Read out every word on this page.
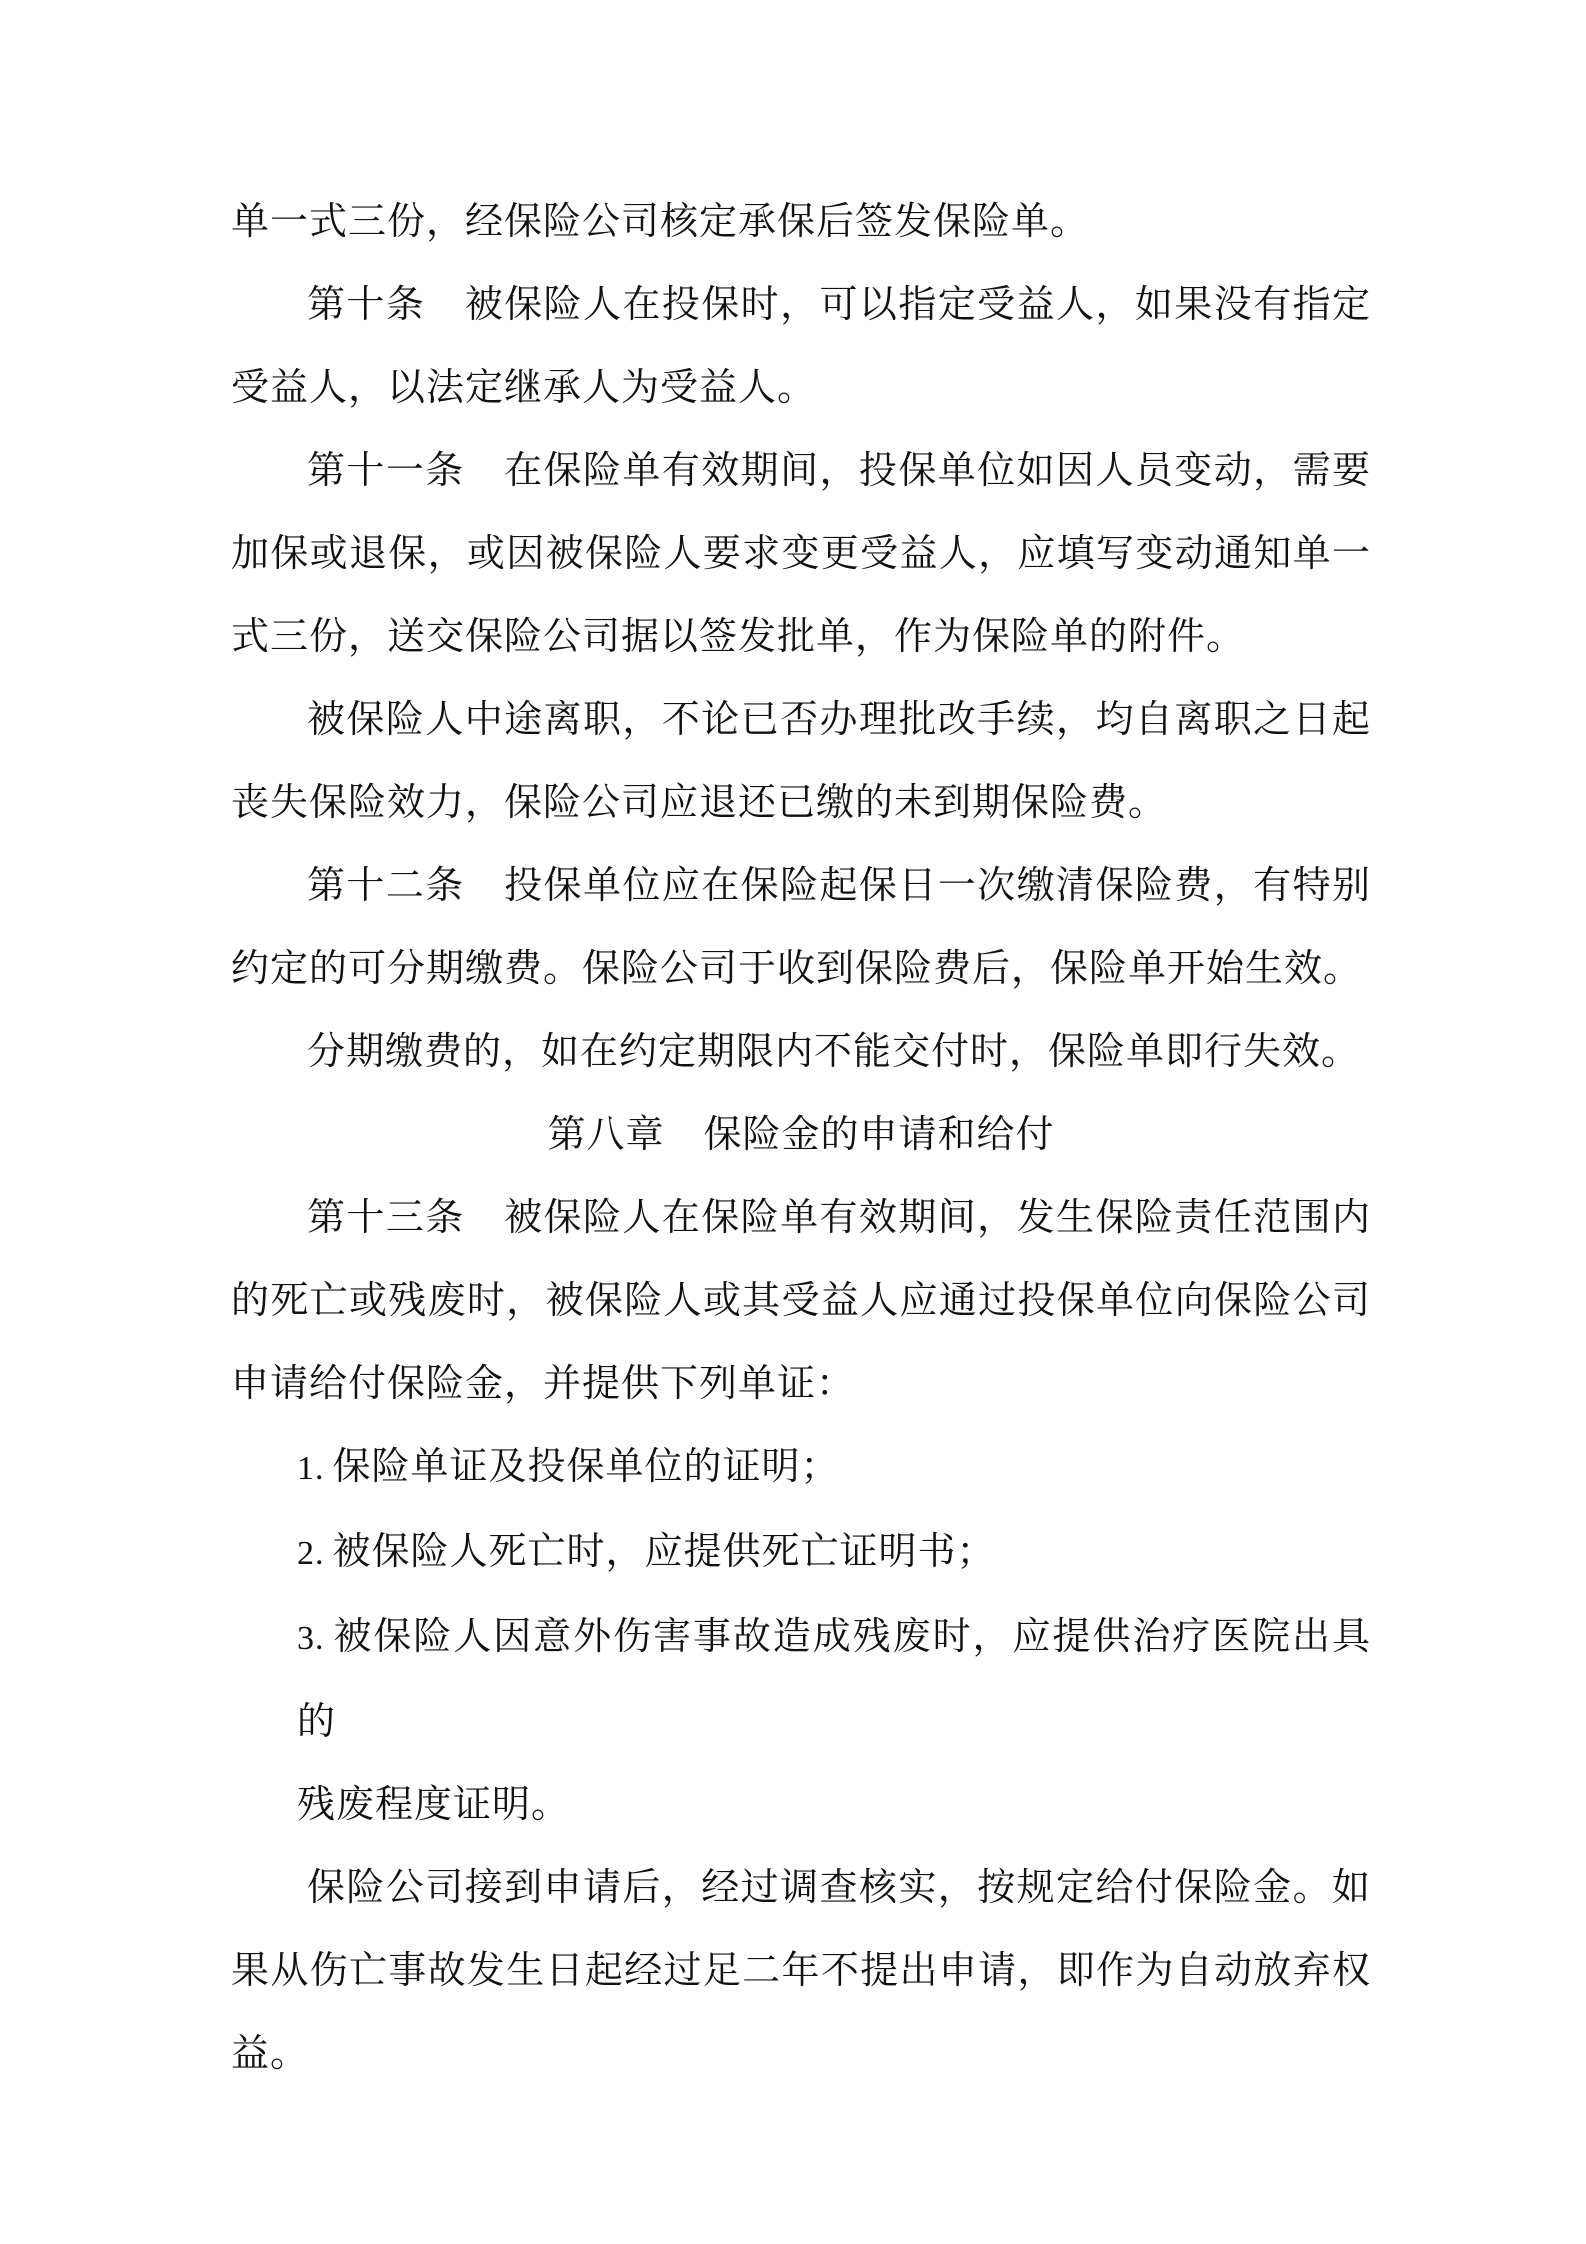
单一式三份，经保险公司核定承保后签发保险单。

第十条　被保险人在投保时，可以指定受益人，如果没有指定受益人，以法定继承人为受益人。

第十一条　在保险单有效期间，投保单位如因人员变动，需要加保或退保，或因被保险人要求变更受益人，应填写变动通知单一式三份，送交保险公司据以签发批单，作为保险单的附件。

被保险人中途离职，不论已否办理批改手续，均自离职之日起丧失保险效力，保险公司应退还已缴的未到期保险费。

第十二条　投保单位应在保险起保日一次缴清保险费，有特别约定的可分期缴费。保险公司于收到保险费后，保险单开始生效。

分期缴费的，如在约定期限内不能交付时，保险单即行失效。

第八章　保险金的申请和给付

第十三条　被保险人在保险单有效期间，发生保险责任范围内的死亡或残废时，被保险人或其受益人应通过投保单位向保险公司申请给付保险金，并提供下列单证：

1. 保险单证及投保单位的证明；

2. 被保险人死亡时，应提供死亡证明书；

3. 被保险人因意外伤害事故造成残废时，应提供治疗医院出具的
残废程度证明。

保险公司接到申请后，经过调查核实，按规定给付保险金。如果从伤亡事故发生日起经过足二年不提出申请，即作为自动放弃权益。
